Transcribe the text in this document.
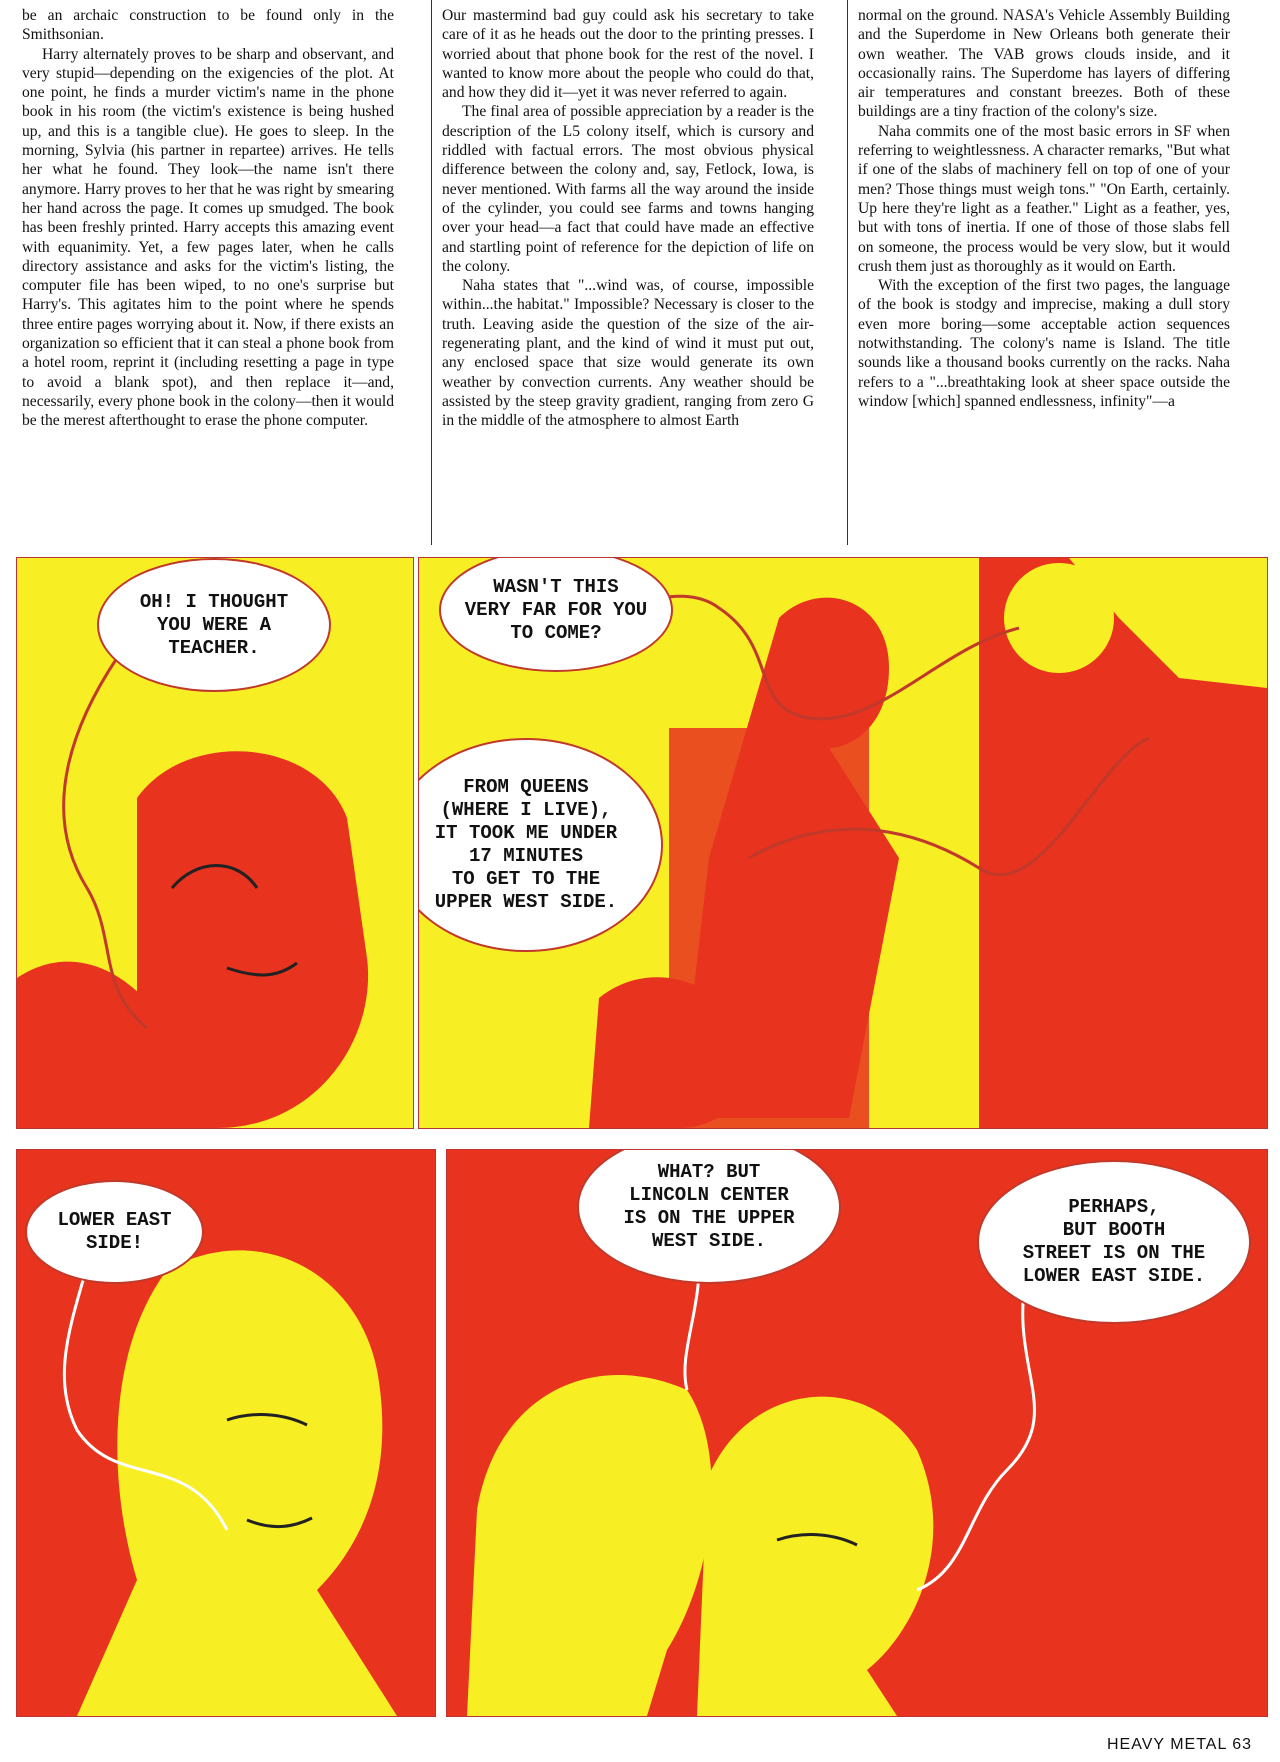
be an archaic construction to be found only in the Smithsonian.

Harry alternately proves to be sharp and observant, and very stupid—depending on the exigencies of the plot. At one point, he finds a murder victim's name in the phone book in his room (the victim's existence is being hushed up, and this is a tangible clue). He goes to sleep. In the morning, Sylvia (his partner in repartee) arrives. He tells her what he found. They look—the name isn't there anymore. Harry proves to her that he was right by smearing her hand across the page. It comes up smudged. The book has been freshly printed. Harry accepts this amazing event with equanimity. Yet, a few pages later, when he calls directory assistance and asks for the victim's listing, the computer file has been wiped, to no one's surprise but Harry's. This agitates him to the point where he spends three entire pages worrying about it. Now, if there exists an organization so efficient that it can steal a phone book from a hotel room, reprint it (including resetting a page in type to avoid a blank spot), and then replace it—and, necessarily, every phone book in the colony—then it would be the merest afterthought to erase the phone computer.

Our mastermind bad guy could ask his secretary to take care of it as he heads out the door to the printing presses. I worried about that phone book for the rest of the novel. I wanted to know more about the people who could do that, and how they did it—yet it was never referred to again.

The final area of possible appreciation by a reader is the description of the L5 colony itself, which is cursory and riddled with factual errors. The most obvious physical difference between the colony and, say, Fetlock, Iowa, is never mentioned. With farms all the way around the inside of the cylinder, you could see farms and towns hanging over your head—a fact that could have made an effective and startling point of reference for the depiction of life on the colony.

Naha states that "...wind was, of course, impossible within...the habitat." Impossible? Necessary is closer to the truth. Leaving aside the question of the size of the air-regenerating plant, and the kind of wind it must put out, any enclosed space that size would generate its own weather by convection currents. Any weather should be assisted by the steep gravity gradient, ranging from zero G in the middle of the atmosphere to almost Earth

normal on the ground. NASA's Vehicle Assembly Building and the Superdome in New Orleans both generate their own weather. The VAB grows clouds inside, and it occasionally rains. The Superdome has layers of differing air temperatures and constant breezes. Both of these buildings are a tiny fraction of the colony's size.

Naha commits one of the most basic errors in SF when referring to weightlessness. A character remarks, "But what if one of the slabs of machinery fell on top of one of your men? Those things must weigh tons." "On Earth, certainly. Up here they're light as a feather." Light as a feather, yes, but with tons of inertia. If one of those of those slabs fell on someone, the process would be very slow, but it would crush them just as thoroughly as it would on Earth.

With the exception of the first two pages, the language of the book is stodgy and imprecise, making a dull story even more boring—some acceptable action sequences notwithstanding. The colony's name is Island. The title sounds like a thousand books currently on the racks. Naha refers to a "...breathtaking look at sheer space outside the window [which] spanned endlessness, infinity"—a

OH! I THOUGHT
YOU WERE A
TEACHER.
WASN'T THIS
VERY FAR FOR YOU
TO COME?
FROM QUEENS
(WHERE I LIVE),
IT TOOK ME UNDER
17 MINUTES
TO GET TO THE
UPPER WEST SIDE.
LOWER EAST
SIDE!
WHAT? BUT
LINCOLN CENTER
IS ON THE UPPER
WEST SIDE.
PERHAPS,
BUT BOOTH
STREET IS ON THE
LOWER EAST SIDE.
HEAVY METAL 63
